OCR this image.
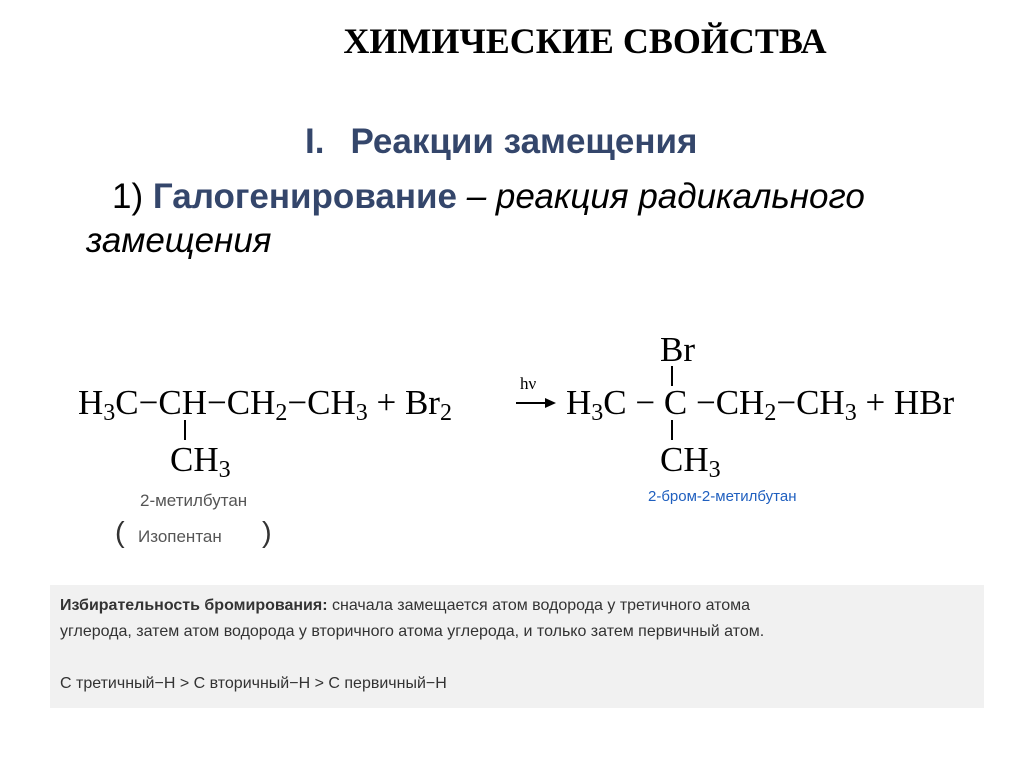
ХИМИЧЕСКИЕ СВОЙСТВА
I. Реакции замещения
1) Галогенирование – реакция радикального
замещения
$H_3C-CH-CH_2-CH_3 + Br_2$
hν $H_3C - C -CH_2-CH_3$ + HBr
Br
$CH_3$	$CH_3$
2-метилбутан
( Изопентан )
2-бром-2-метилбутан
Избирательность бромирования: сначала замещается атом водорода у третичного атома
углерода, затем атом водорода у вторичного атома углерода, и только затем первичный атом.
С третичный−H > С вторичный−H > С первичный−H
